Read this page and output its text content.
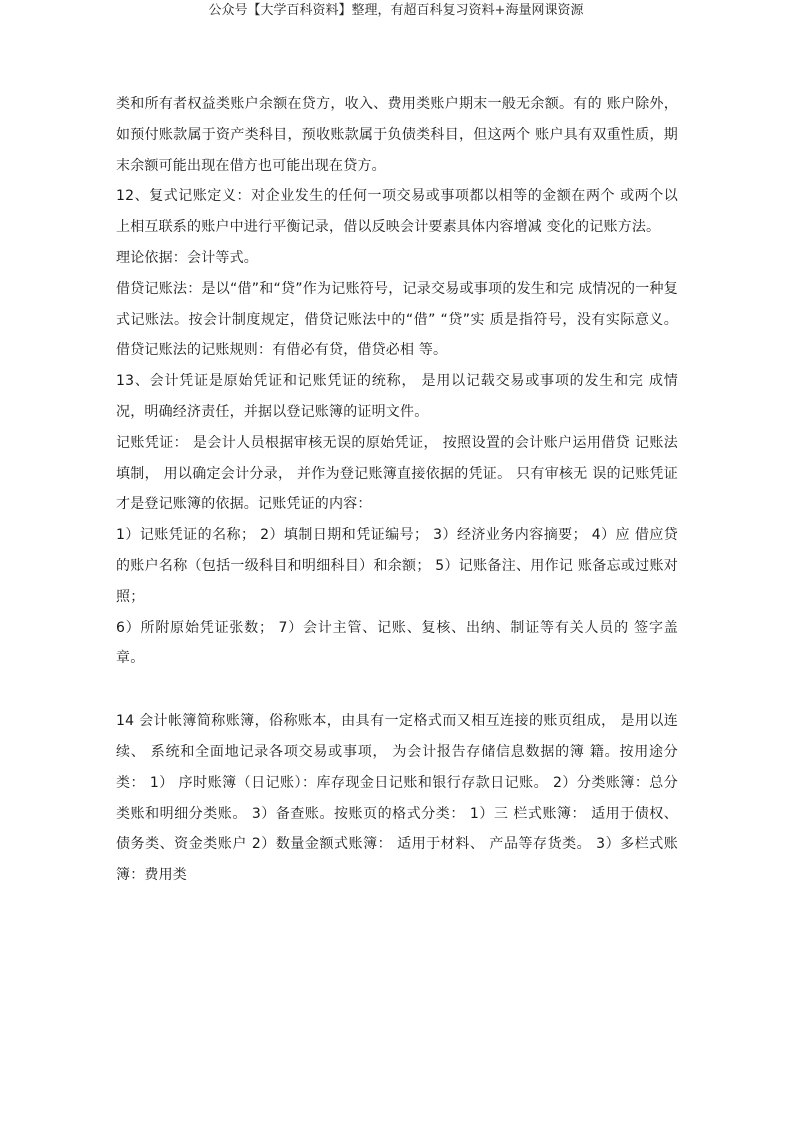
公众号【大学百科资料】整理，有超百科复习资料+海量网课资源

类和所有者权益类账户余额在贷方，收入、费用类账户期末一般无余额。有的 账户除外，如预付账款属于资产类科目，预收账款属于负债类科目，但这两个 账户具有双重性质，期末余额可能出现在借方也可能出现在贷方。

12、复式记账定义：对企业发生的任何一项交易或事项都以相等的金额在两个 或两个以上相互联系的账户中进行平衡记录，借以反映会计要素具体内容增减 变化的记账方法。

理论依据：会计等式。

借贷记账法：是以“借”和“贷”作为记账符号，记录交易或事项的发生和完 成情况的一种复式记账法。按会计制度规定，借贷记账法中的“借” “贷”实 质是指符号，没有实际意义。借贷记账法的记账规则：有借必有贷，借贷必相 等。

13、会计凭证是原始凭证和记账凭证的统称， 是用以记载交易或事项的发生和完 成情况，明确经济责任，并据以登记账簿的证明文件。

记账凭证： 是会计人员根据审核无误的原始凭证， 按照设置的会计账户运用借贷 记账法填制， 用以确定会计分录， 并作为登记账簿直接依据的凭证。 只有审核无 误的记账凭证才是登记账簿的依据。记账凭证的内容：

1）记账凭证的名称； 2）填制日期和凭证编号； 3）经济业务内容摘要； 4）应 借应贷的账户名称（包括一级科目和明细科目）和余额； 5）记账备注、用作记 账备忘或过账对照；

6）所附原始凭证张数； 7）会计主管、记账、复核、出纳、制证等有关人员的 签字盖章。

14 会计帐簿简称账簿，俗称账本，由具有一定格式而又相互连接的账页组成， 是用以连续、 系统和全面地记录各项交易或事项， 为会计报告存储信息数据的簿 籍。按用途分类： 1） 序时账簿（日记账）：库存现金日记账和银行存款日记账。 2）分类账簿：总分类账和明细分类账。 3）备查账。按账页的格式分类： 1）三 栏式账簿： 适用于债权、债务类、资金类账户 2）数量金额式账簿： 适用于材料、 产品等存货类。 3）多栏式账簿：费用类
